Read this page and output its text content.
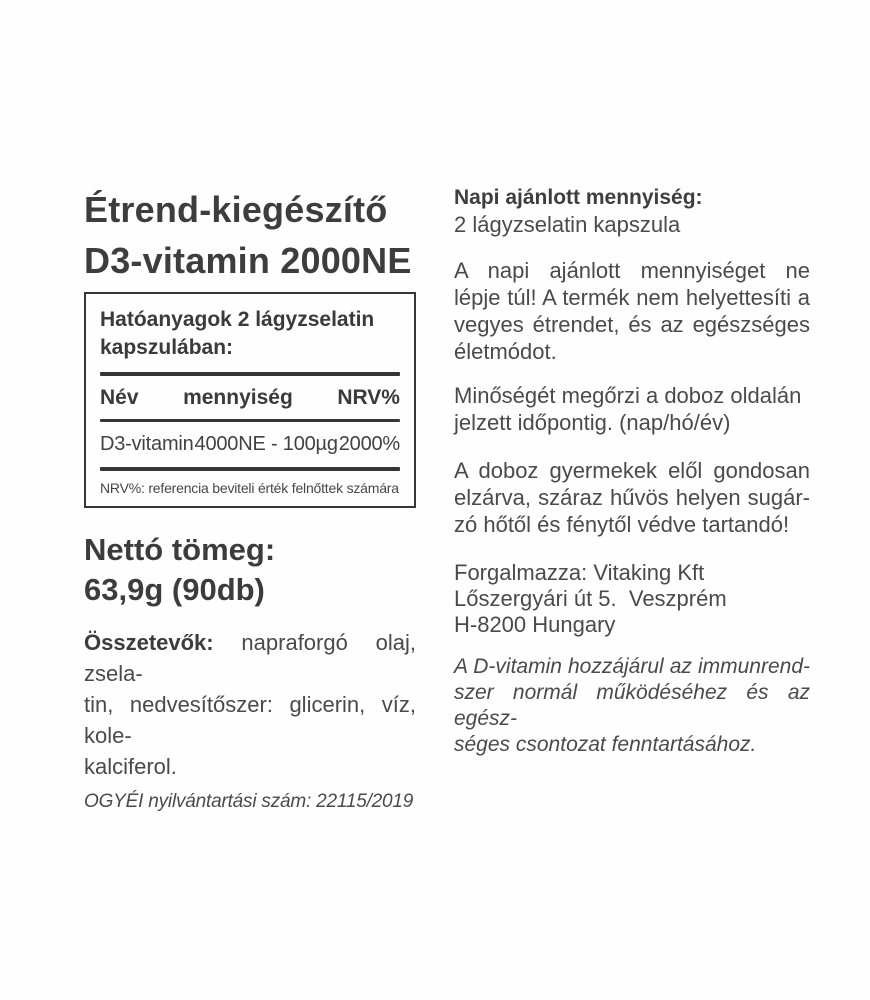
Étrend-kiegészítő
D3-vitamin 2000NE
Hatóanyagok 2 lágyzselatin kapszulában:
Név mennyiség NRV%
D3-vitamin 4000NE - 100µg 2000%
NRV%: referencia beviteli érték felnőttek számára
Nettó tömeg:
63,9g (90db)
Összetevők: napraforgó olaj, zsela-
tin, nedvesítőszer: glicerin, víz, kole-
kalciferol.
OGYÉI nyilvántartási szám: 22115/2019
Napi ajánlott mennyiség:
2 lágyzselatin kapszula
A napi ajánlott mennyiséget ne
lépje túl! A termék nem helyettesíti a
vegyes étrendet, és az egészséges
életmódot.
Minőségét megőrzi a doboz oldalán
jelzett időpontig. (nap/hó/év)
A doboz gyermekek elől gondosan
elzárva, száraz hűvös helyen sugár-
zó hőtől és fénytől védve tartandó!
Forgalmazza: Vitaking Kft
Lőszergyári út 5.  Veszprém
H-8200 Hungary
A D-vitamin hozzájárul az immunrend-
szer normál működéséhez és az egész-
séges csontozat fenntartásához.
